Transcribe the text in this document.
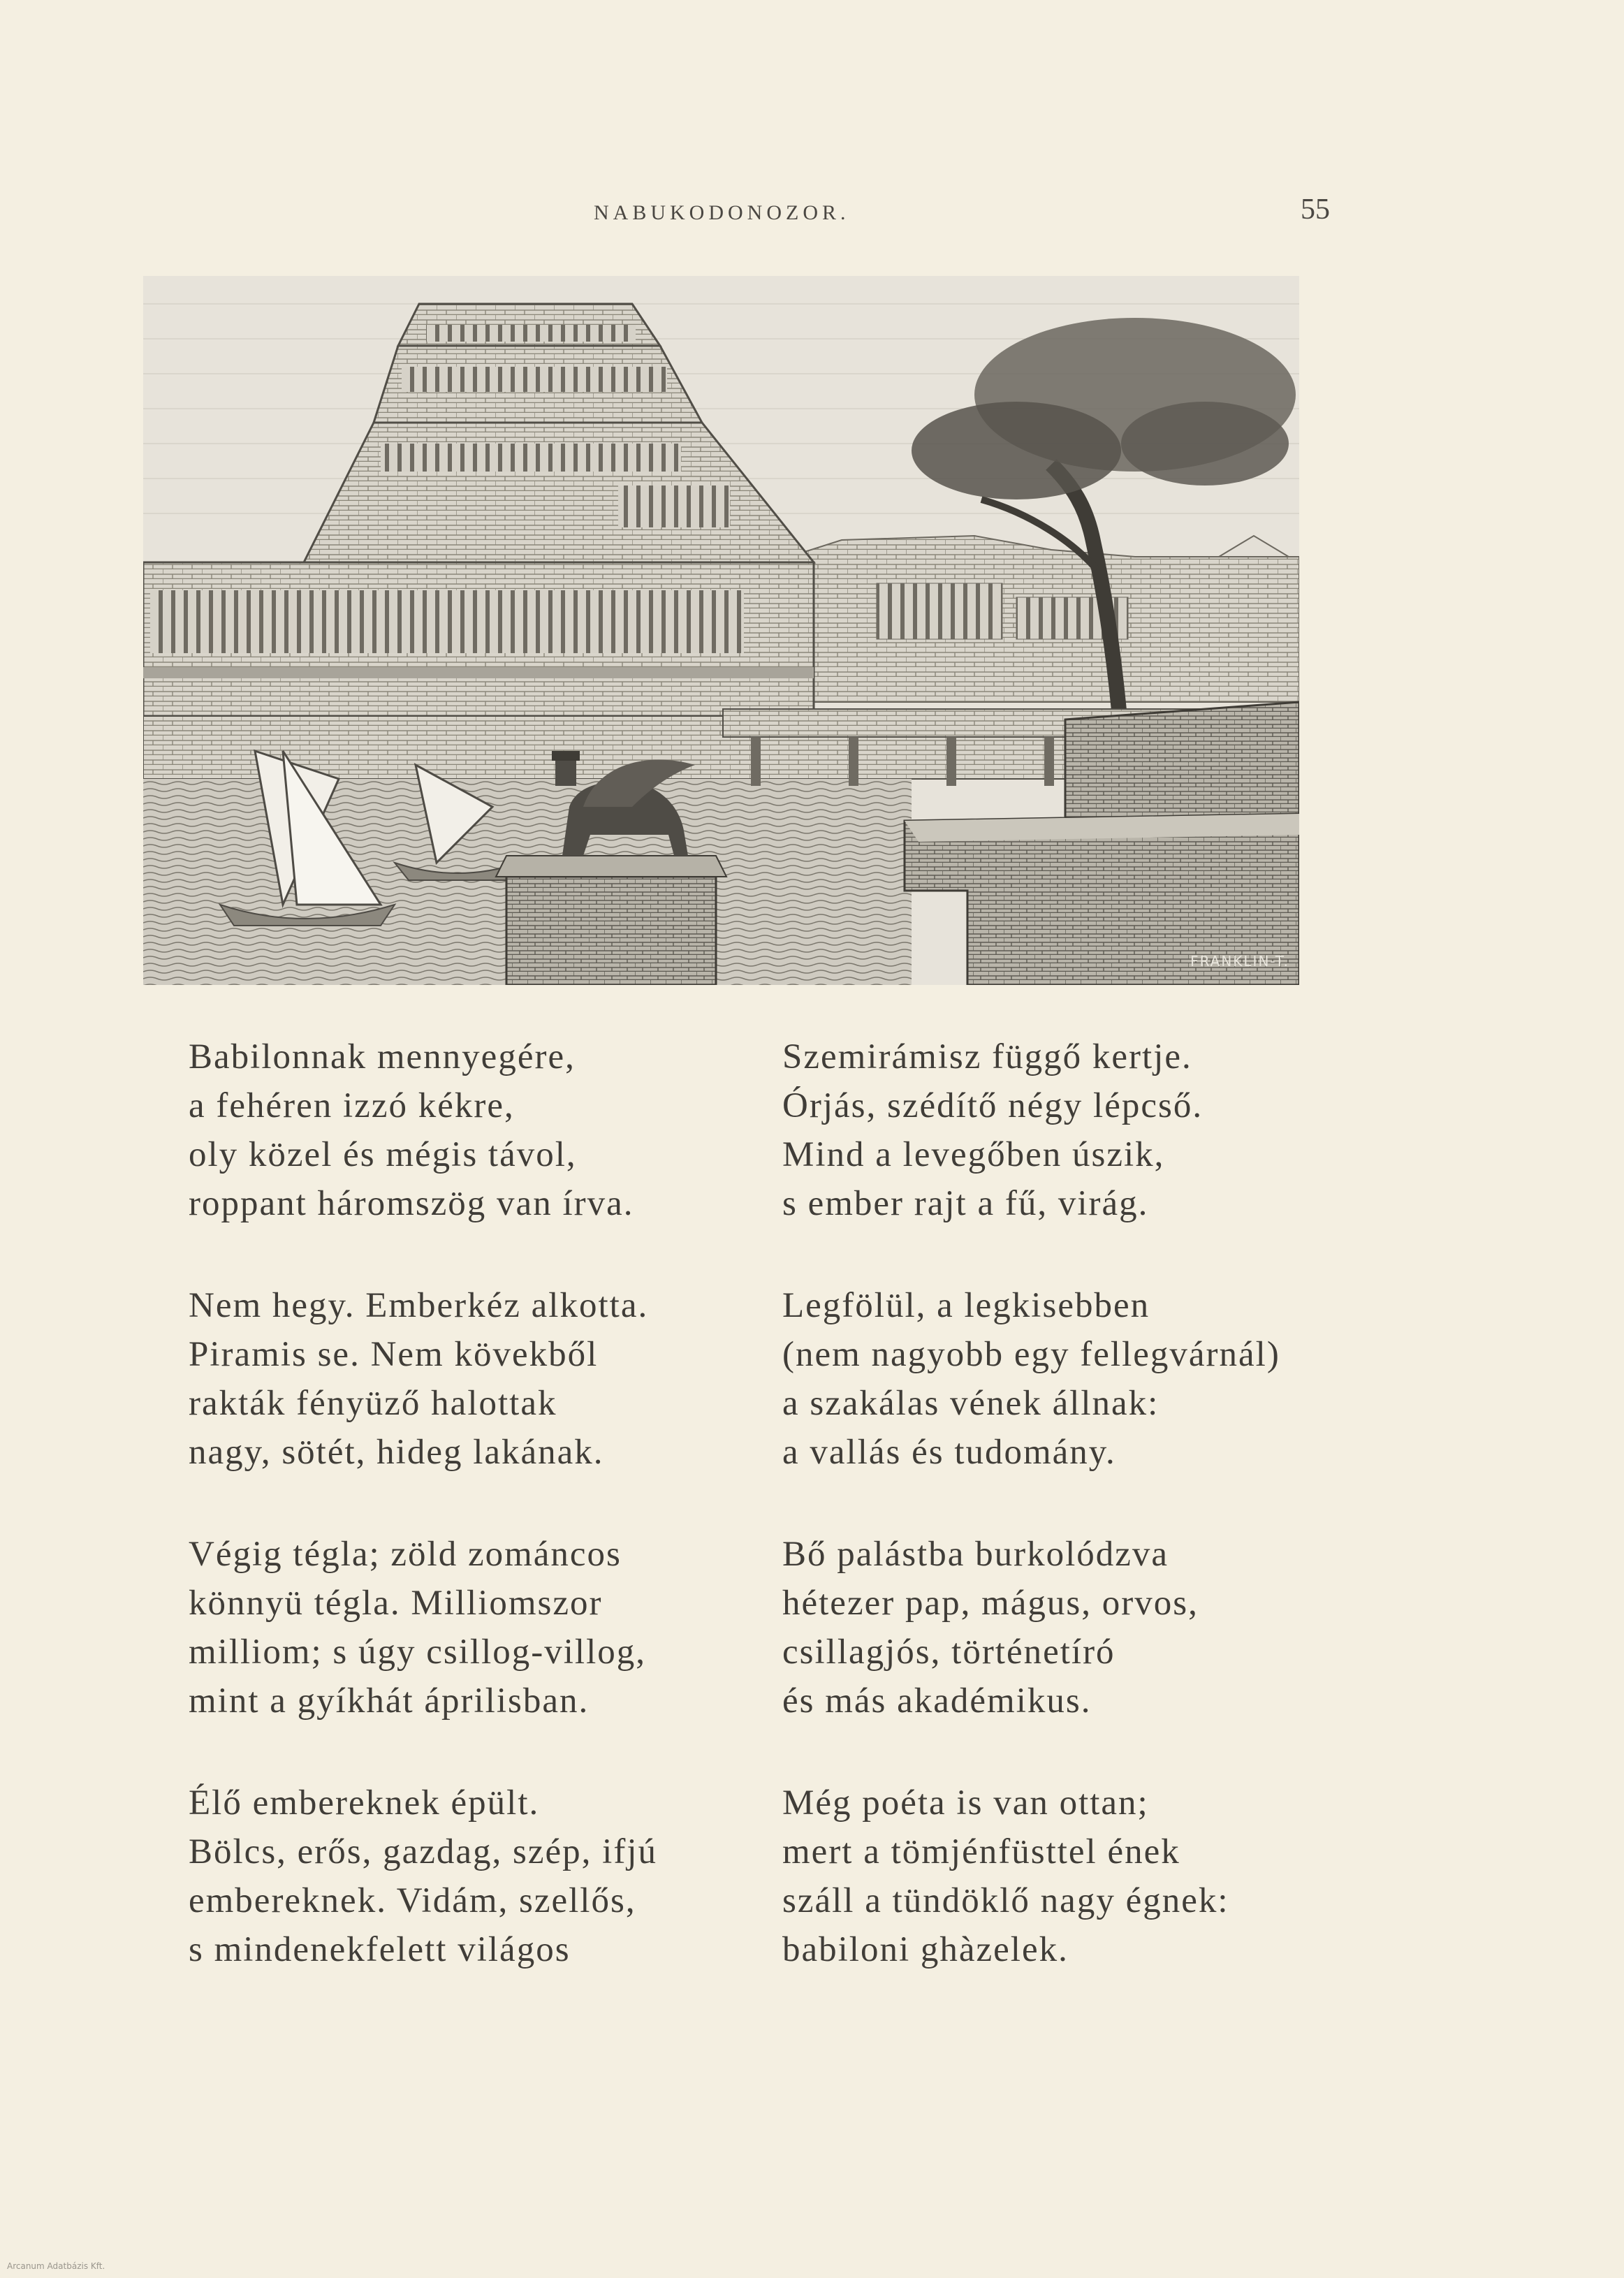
NABUKODONOZOR.	55
FRANKLIN-T.
Babilonnak mennyegére,
a fehéren izzó kékre,
oly közel és mégis távol,
roppant háromszög van írva.
Nem hegy. Emberkéz alkotta.
Piramis se. Nem kövekből
rakták fényüző halottak
nagy, sötét, hideg lakának.
Végig tégla; zöld zománcos
könnyü tégla. Milliomszor
milliom; s úgy csillog-villog,
mint a gyíkhát áprilisban.
Élő embereknek épült.
Bölcs, erős, gazdag, szép, ifjú
embereknek. Vidám, szellős,
s mindenekfelett világos
Szemirámisz függő kertje.
Órjás, szédítő négy lépcső.
Mind a levegőben úszik,
s ember rajt a fű, virág.
Legfölül, a legkisebben
(nem nagyobb egy fellegvárnál)
a szakálas vének állnak:
a vallás és tudomány.
Bő palástba burkolódzva
hétezer pap, mágus, orvos,
csillagjós, történetíró
és más akadémikus.
Még poéta is van ottan;
mert a tömjénfüsttel ének
száll a tündöklő nagy égnek:
babiloni ghàzelek.
Arcanum Adatbázis Kft.
